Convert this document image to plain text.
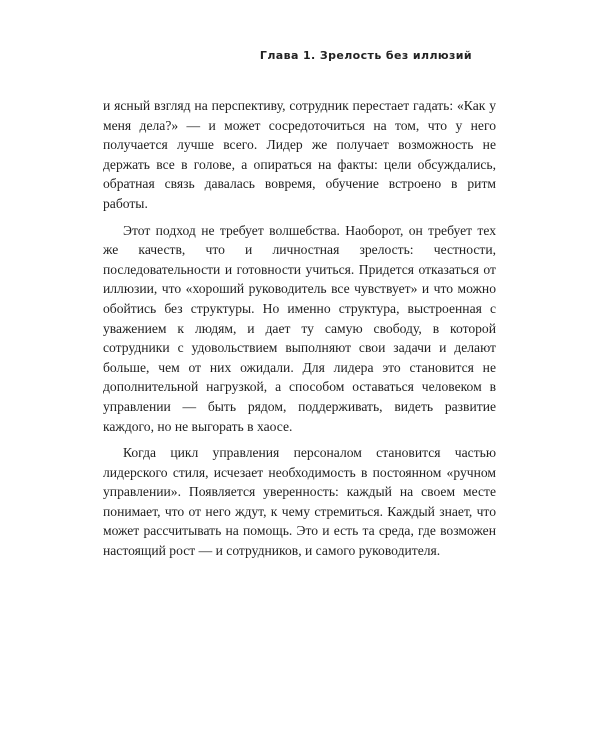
Глава 1. Зрелость без иллюзий

и ясный взгляд на перспективу, сотрудник перестает гадать: «Как у меня дела?» — и может сосредоточиться на том, что у него получается лучше всего. Лидер же получает возможность не держать все в голове, а опираться на факты: цели обсуждались, обратная связь давалась вовремя, обучение встроено в ритм работы.

Этот подход не требует волшебства. Наоборот, он требует тех же качеств, что и личностная зрелость: честности, последовательности и готовности учиться. Придется отказаться от иллюзии, что «хороший руководитель все чувствует» и что можно обойтись без структуры. Но именно структура, выстроенная с уважением к людям, и дает ту самую свободу, в которой сотрудники с удовольствием выполняют свои задачи и делают больше, чем от них ожидали. Для лидера это становится не дополнительной нагрузкой, а способом оставаться человеком в управлении — быть рядом, поддерживать, видеть развитие каждого, но не выгорать в хаосе.

Когда цикл управления персоналом становится частью лидерского стиля, исчезает необходимость в постоянном «ручном управлении». Появляется уверенность: каждый на своем месте понимает, что от него ждут, к чему стремиться. Каждый знает, что может рассчитывать на помощь. Это и есть та среда, где возможен настоящий рост — и сотрудников, и самого руководителя.
